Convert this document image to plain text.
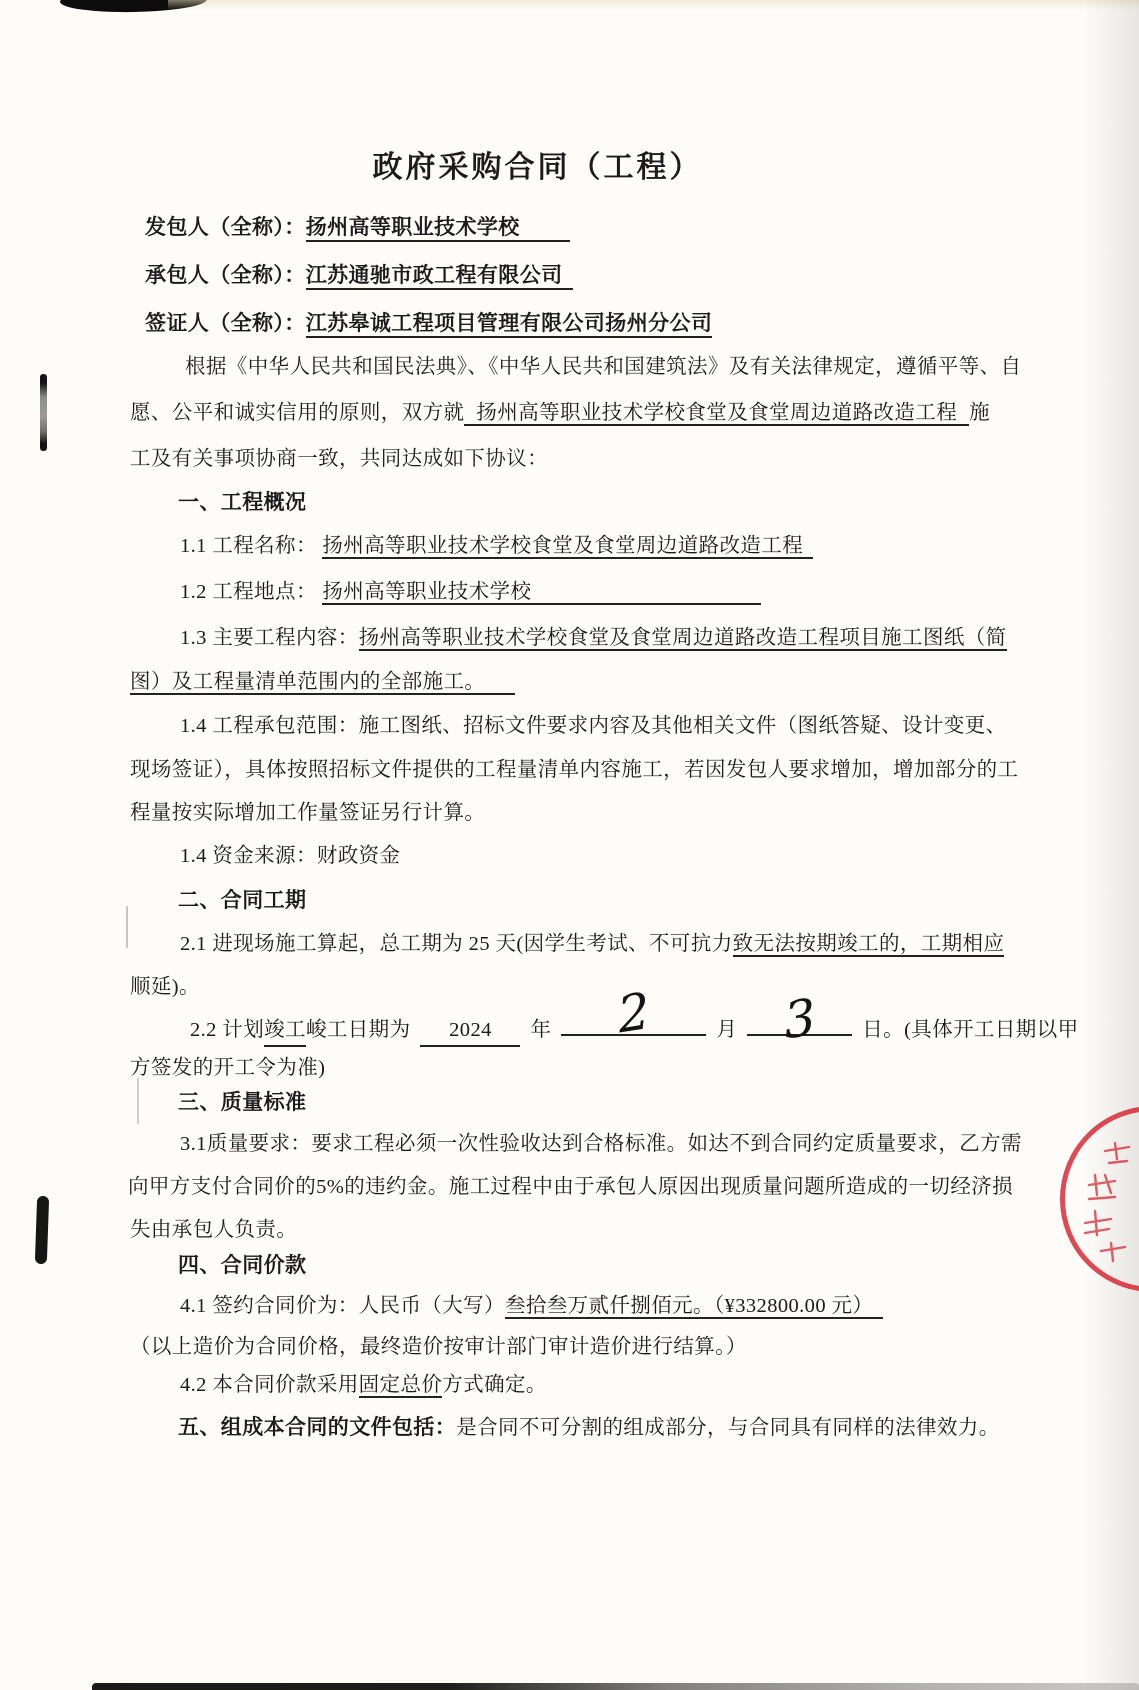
政府采购合同（工程）
发包人（全称）：扬州高等职业技术学校
承包人（全称）：江苏通驰市政工程有限公司
签证人（全称）：江苏皋诚工程项目管理有限公司扬州分公司
根据《中华人民共和国民法典》、《中华人民共和国建筑法》及有关法律规定，遵循平等、自
愿、公平和诚实信用的原则，双方就 扬州高等职业技术学校食堂及食堂周边道路改造工程 施
工及有关事项协商一致，共同达成如下协议：
一、工程概况
1.1 工程名称： 扬州高等职业技术学校食堂及食堂周边道路改造工程
1.2 工程地点： 扬州高等职业技术学校
1.3 主要工程内容：扬州高等职业技术学校食堂及食堂周边道路改造工程项目施工图纸（简
图）及工程量清单范围内的全部施工。
1.4 工程承包范围：施工图纸、招标文件要求内容及其他相关文件（图纸答疑、设计变更、
现场签证），具体按照招标文件提供的工程量清单内容施工，若因发包人要求增加，增加部分的工
程量按实际增加工作量签证另行计算。
1.4 资金来源：财政资金
二、合同工期
2.1 进现场施工算起，总工期为 25 天(因学生考试、不可抗力致无法按期竣工的，工期相应
顺延)。
2.2 计划 竣工 峻工日期为	2024	年 2	月 3 日。(具体开工日期以甲
方签发的开工令为准)
三、质量标准
3.1质量要求：要求工程必须一次性验收达到合格标准。如达不到合同约定质量要求，乙方需
向甲方支付合同价的5%的违约金。施工过程中由于承包人原因出现质量问题所造成的一切经济损
失由承包人负责。
四、合同价款
4.1 签约合同价为：人民币（大写）叁拾叁万贰仟捌佰元。（¥332800.00 元）
（以上造价为合同价格，最终造价按审计部门审计造价进行结算。）
4.2 本合同价款采用固定总价方式确定。
五、组成本合同的文件包括：是合同不可分割的组成部分，与合同具有同样的法律效力。
